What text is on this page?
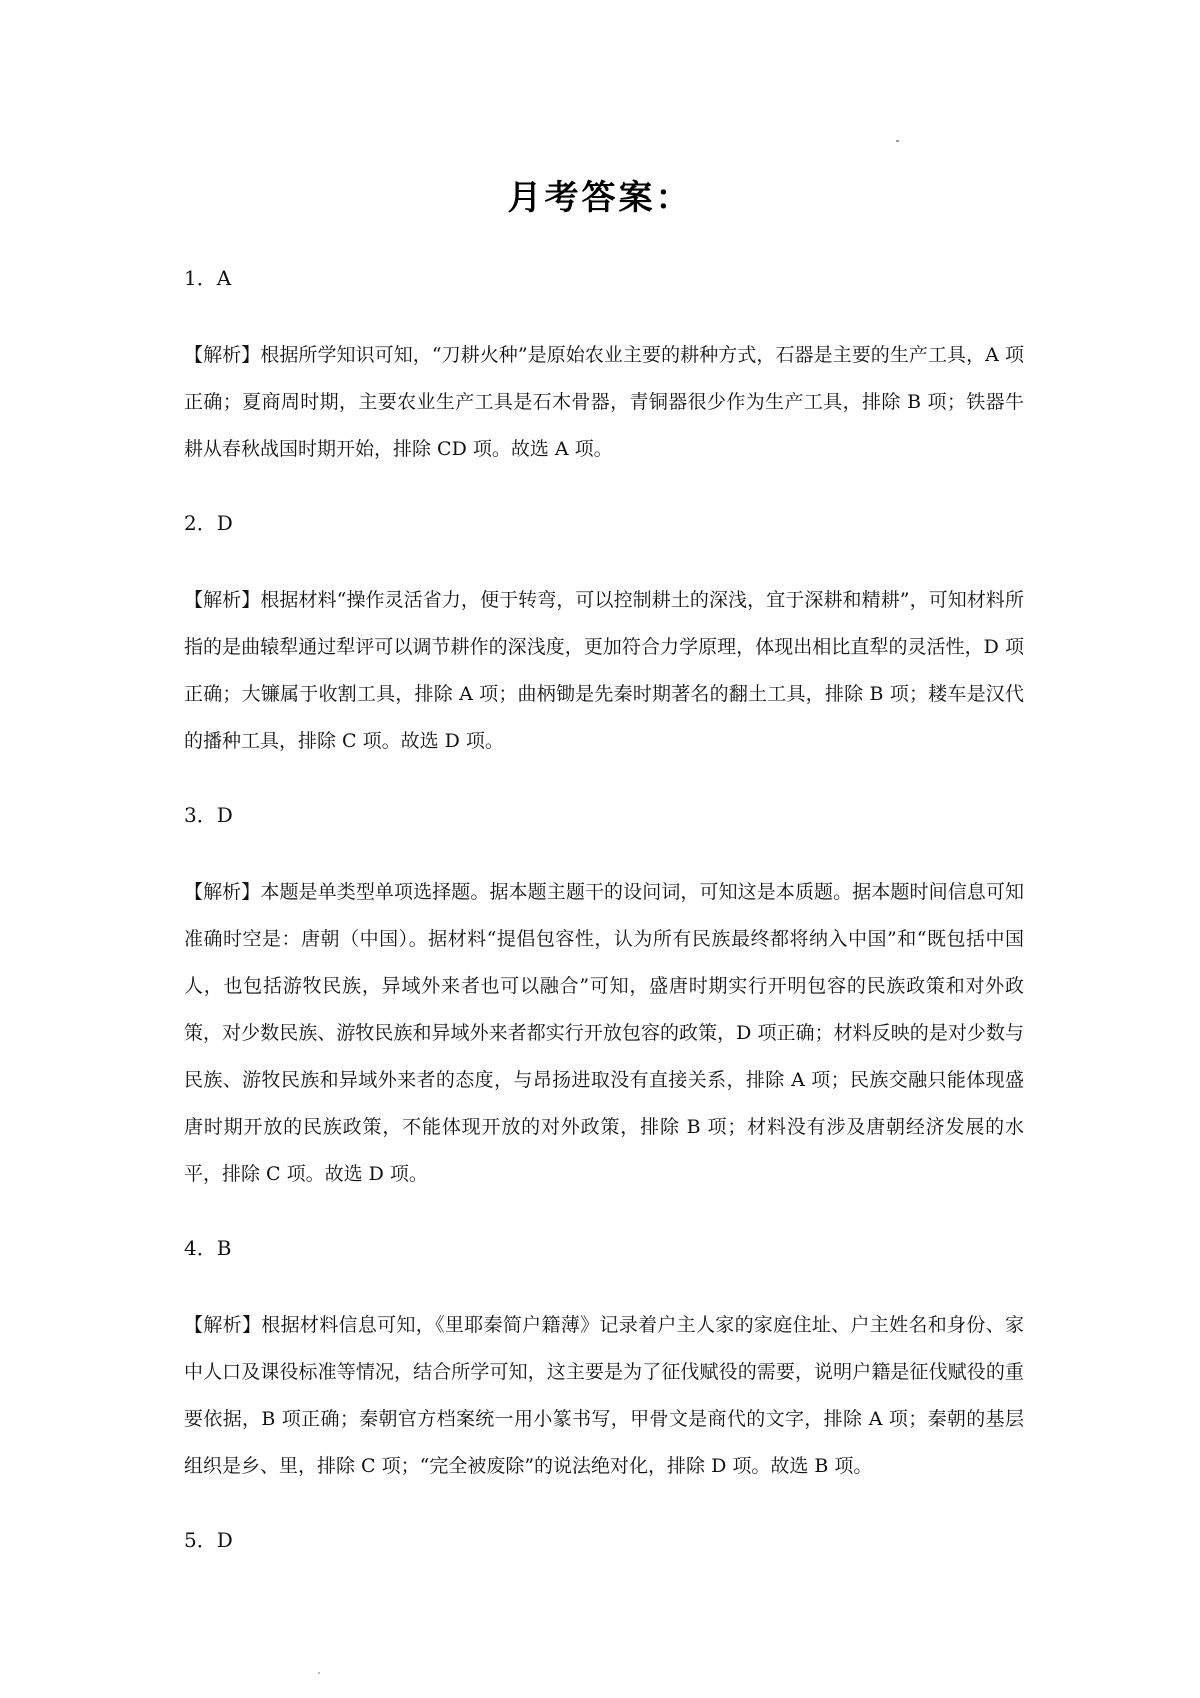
月考答案：
1．A
【解析】根据所学知识可知，“刀耕火种”是原始农业主要的耕种方式，石器是主要的生产工具，A 项正确；夏商周时期，主要农业生产工具是石木骨器，青铜器很少作为生产工具，排除 B 项；铁器牛耕从春秋战国时期开始，排除 CD 项。故选 A 项。
2．D
【解析】根据材料“操作灵活省力，便于转弯，可以控制耕土的深浅，宜于深耕和精耕”，可知材料所指的是曲辕犁通过犁评可以调节耕作的深浅度，更加符合力学原理，体现出相比直犁的灵活性，D 项正确；大镰属于收割工具，排除 A 项；曲柄锄是先秦时期著名的翻土工具，排除 B 项；耧车是汉代的播种工具，排除 C 项。故选 D 项。
3．D
【解析】本题是单类型单项选择题。据本题主题干的设问词，可知这是本质题。据本题时间信息可知准确时空是：唐朝（中国）。据材料“提倡包容性，认为所有民族最终都将纳入中国”和“既包括中国人，也包括游牧民族，异域外来者也可以融合”可知，盛唐时期实行开明包容的民族政策和对外政策，对少数民族、游牧民族和异域外来者都实行开放包容的政策，D 项正确；材料反映的是对少数与民族、游牧民族和异域外来者的态度，与昂扬进取没有直接关系，排除 A 项；民族交融只能体现盛唐时期开放的民族政策，不能体现开放的对外政策，排除 B 项；材料没有涉及唐朝经济发展的水平，排除 C 项。故选 D 项。
4．B
【解析】根据材料信息可知，《里耶秦简户籍薄》记录着户主人家的家庭住址、户主姓名和身份、家中人口及课役标准等情况，结合所学可知，这主要是为了征伐赋役的需要，说明户籍是征伐赋役的重要依据，B 项正确；秦朝官方档案统一用小篆书写，甲骨文是商代的文字，排除 A 项；秦朝的基层组织是乡、里，排除 C 项；“完全被废除”的说法绝对化，排除 D 项。故选 B 项。
5．D
